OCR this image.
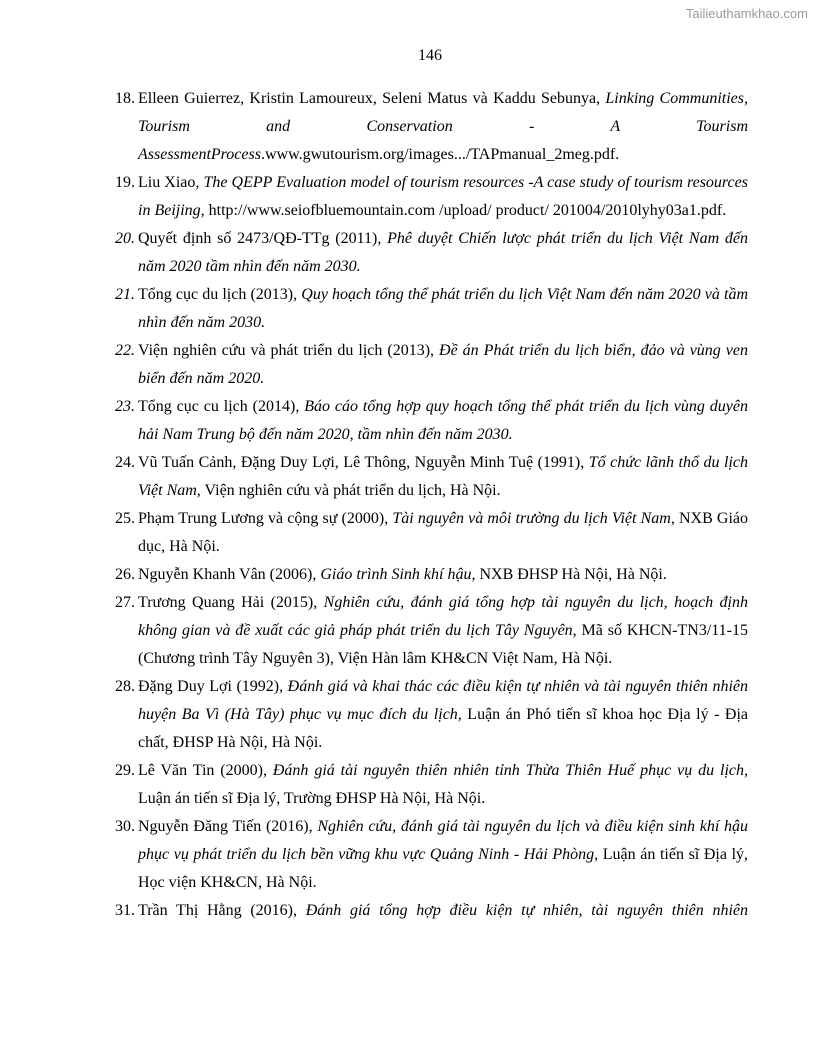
Tailieuthamkhao.com
146
18. Elleen Guierrez, Kristin Lamoureux, Seleni Matus và Kaddu Sebunya, Linking Communities, Tourism and Conservation - A Tourism AssessmentProcess.www.gwutourism.org/images.../TAPmanual_2meg.pdf.

19. Liu Xiao, The QEPP Evaluation model of tourism resources -A case study of tourism resources in Beijing, http://www.seiofbluemountain.com /upload/ product/ 201004/2010lyhy03a1.pdf.

20. Quyết định số 2473/QĐ-TTg (2011), Phê duyệt Chiến lược phát triển du lịch Việt Nam đến năm 2020 tầm nhìn đến năm 2030.

21. Tổng cục du lịch (2013), Quy hoạch tổng thể phát triển du lịch Việt Nam đến năm 2020 và tầm nhìn đến năm 2030.

22. Viện nghiên cứu và phát triển du lịch (2013), Đề án Phát triển du lịch biển, đảo và vùng ven biển đến năm 2020.

23. Tổng cục cu lịch (2014), Báo cáo tổng hợp quy hoạch tổng thể phát triển du lịch vùng duyên hải Nam Trung bộ đến năm 2020, tầm nhìn đến năm 2030.

24. Vũ Tuấn Cảnh, Đặng Duy Lợi, Lê Thông, Nguyễn Minh Tuệ (1991), Tổ chức lãnh thổ du lịch Việt Nam, Viện nghiên cứu và phát triển du lịch, Hà Nội.

25. Phạm Trung Lương và cộng sự (2000), Tài nguyên và môi trường du lịch Việt Nam, NXB Giáo dục, Hà Nội.

26. Nguyễn Khanh Vân (2006), Giáo trình Sinh khí hậu, NXB ĐHSP Hà Nội, Hà Nội.

27. Trương Quang Hải (2015), Nghiên cứu, đánh giá tổng hợp tài nguyên du lịch, hoạch định không gian và đề xuất các giả pháp phát triển du lịch Tây Nguyên, Mã số KHCN-TN3/11-15 (Chương trình Tây Nguyên 3), Viện Hàn lâm KH&CN Việt Nam, Hà Nội.

28. Đặng Duy Lợi (1992), Đánh giá và khai thác các điều kiện tự nhiên và tài nguyên thiên nhiên huyện Ba Vì (Hà Tây) phục vụ mục đích du lịch, Luận án Phó tiến sĩ khoa học Địa lý - Địa chất, ĐHSP Hà Nội, Hà Nội.

29. Lê Văn Tin (2000), Đánh giá tài nguyên thiên nhiên tỉnh Thừa Thiên Huế phục vụ du lịch, Luận án tiến sĩ Địa lý, Trường ĐHSP Hà Nội, Hà Nội.

30. Nguyễn Đăng Tiến (2016), Nghiên cứu, đánh giá tài nguyên du lịch và điều kiện sinh khí hậu phục vụ phát triển du lịch bền vững khu vực Quảng Ninh - Hải Phòng, Luận án tiến sĩ Địa lý, Học viện KH&CN, Hà Nội.

31. Trần Thị Hằng (2016), Đánh giá tổng hợp điều kiện tự nhiên, tài nguyên thiên nhiên
